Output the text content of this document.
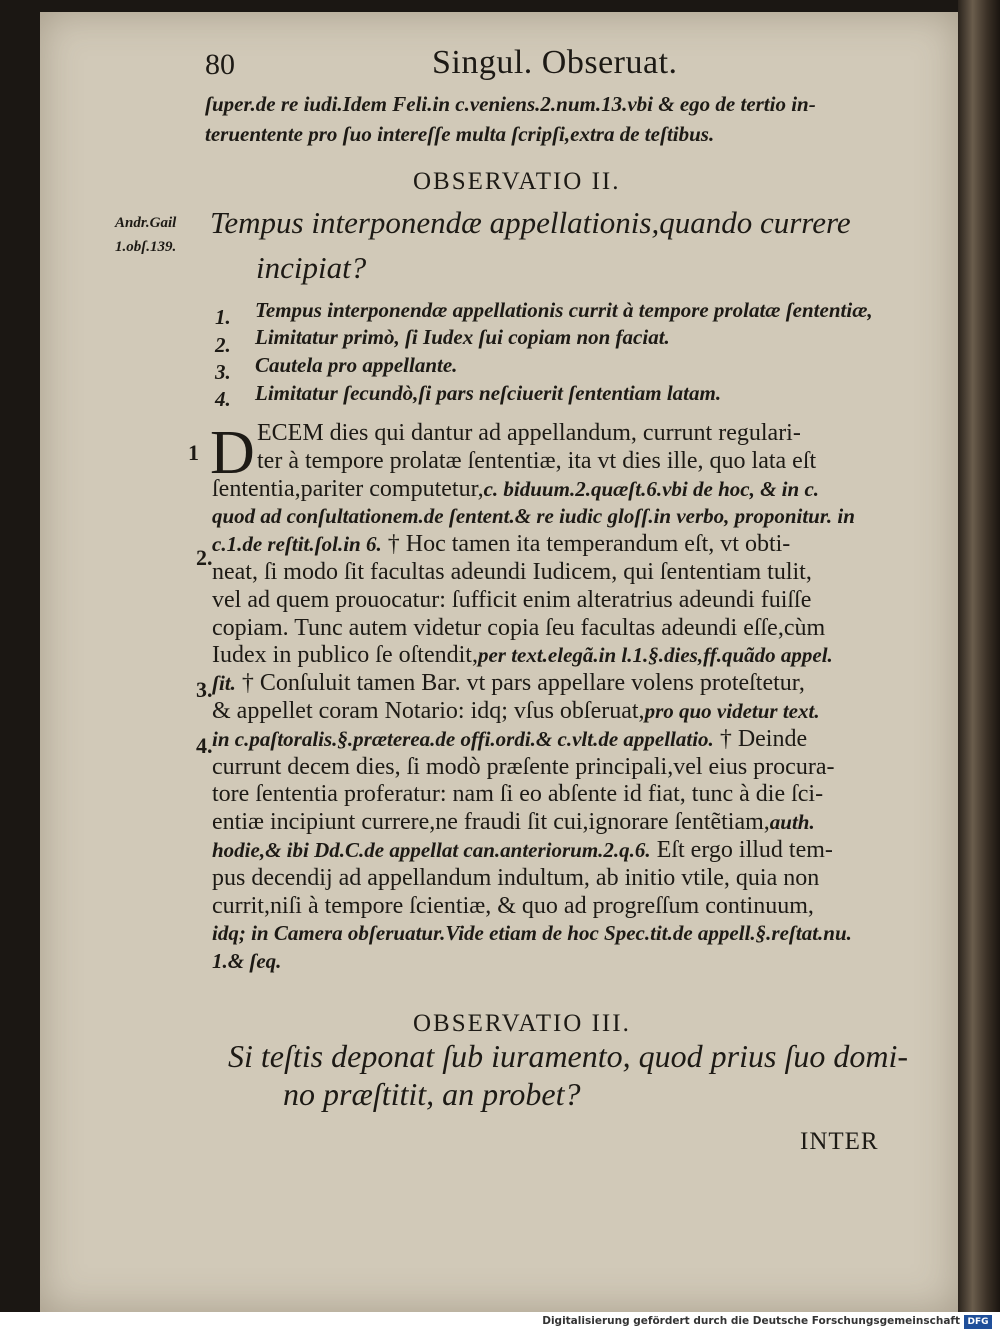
80	Singul. Obseruat.
ſuper.de re iudi.Idem Feli.in c.veniens.2.num.13.vbi & ego de tertio in-
teruentente pro ſuo intereſſe multa ſcripſi,extra de teſtibus.
OBSERVATIO II.
Andr.Gail
1.obſ.139.
Tempus interponendæ appellationis,quando currere
incipiat?
1. Tempus interponendæ appellationis currit à tempore prolatæ ſententiæ,
2. Limitatur primò, ſi Iudex ſui copiam non faciat.
3. Cautela pro appellante.
4. Limitatur ſecundò,ſi pars neſciuerit ſententiam latam.
D
1
2.
3.
4.
ECEM dies qui dantur ad appellandum, currunt regulari-
ter à tempore prolatæ ſententiæ, ita vt dies ille, quo lata eſt
ſententia,pariter computetur,c. biduum.2.quæſt.6.vbi de hoc, & in c.
quod ad conſultationem.de ſentent.& re iudic gloſſ.in verbo, proponitur. in
c.1.de reſtit.ſol.in 6. † Hoc tamen ita temperandum eſt, vt obti-
neat, ſi modo ſit facultas adeundi Iudicem, qui ſententiam tulit,
vel ad quem prouocatur: ſufficit enim alteratrius adeundi fuiſſe
copiam. Tunc autem videtur copia ſeu facultas adeundi eſſe,cùm
Iudex in publico ſe oſtendit,per text.elegã.in l.1.§.dies,ff.quãdo appel.
ſit. † Conſuluit tamen Bar. vt pars appellare volens proteſtetur,
& appellet coram Notario: idq; vſus obſeruat,pro quo videtur text.
in c.paſtoralis.§.præterea.de offi.ordi.& c.vlt.de appellatio. † Deinde
currunt decem dies, ſi modò præſente principali,vel eius procura-
tore ſententia proferatur: nam ſi eo abſente id fiat, tunc à die ſci-
entiæ incipiunt currere,ne fraudi ſit cui,ignorare ſentẽtiam,auth.
hodie,& ibi Dd.C.de appellat can.anteriorum.2.q.6. Eſt ergo illud tem-
pus decendij ad appellandum indultum, ab initio vtile, quia non
currit,niſi à tempore ſcientiæ, & quo ad progreſſum continuum,
idq; in Camera obſeruatur.Vide etiam de hoc Spec.tit.de appell.§.reſtat.nu.
1.& ſeq.
OBSERVATIO III.
Si teſtis deponat ſub iuramento, quod prius ſuo domi-
no præſtitit, an probet?
INTER
Digitalisierung gefördert durch die Deutsche Forschungsgemeinschaft DFG
